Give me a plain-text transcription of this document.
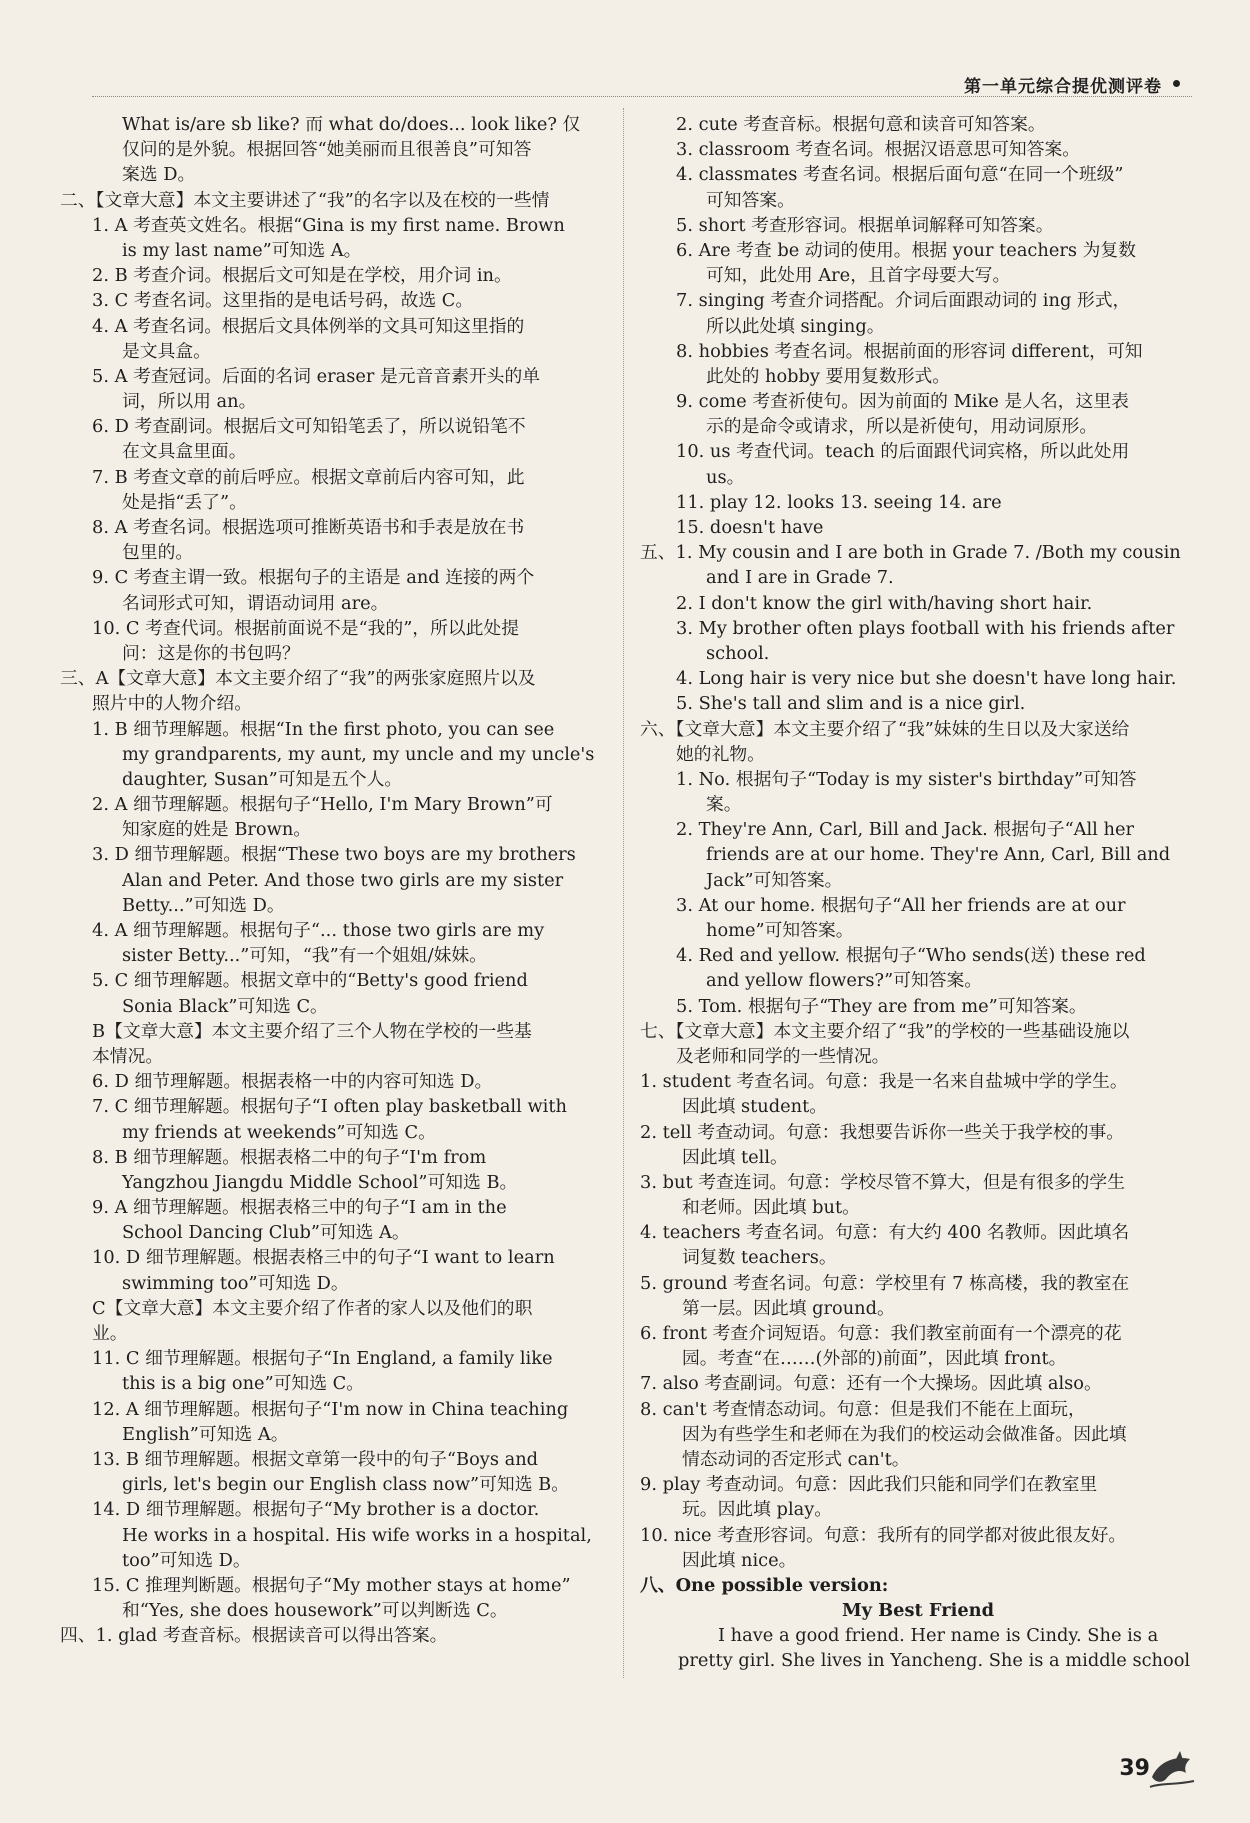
第一单元综合提优测评卷
What is/are sb like? 而 what do/does... look like? 仅
仅问的是外貌。根据回答“她美丽而且很善良”可知答
案选 D。
二、【文章大意】本文主要讲述了“我”的名字以及在校的一些情
1. A 考查英文姓名。根据“Gina is my first name. Brown
is my last name”可知选 A。
2. B 考查介词。根据后文可知是在学校，用介词 in。
3. C 考查名词。这里指的是电话号码，故选 C。
4. A 考查名词。根据后文具体例举的文具可知这里指的
是文具盒。
5. A 考查冠词。后面的名词 eraser 是元音音素开头的单
词，所以用 an。
6. D 考查副词。根据后文可知铅笔丢了，所以说铅笔不
在文具盒里面。
7. B 考查文章的前后呼应。根据文章前后内容可知，此
处是指“丢了”。
8. A 考查名词。根据选项可推断英语书和手表是放在书
包里的。
9. C 考查主谓一致。根据句子的主语是 and 连接的两个
名词形式可知，谓语动词用 are。
10. C 考查代词。根据前面说不是“我的”，所以此处提
问：这是你的书包吗？
三、A【文章大意】本文主要介绍了“我”的两张家庭照片以及
照片中的人物介绍。
1. B 细节理解题。根据“In the first photo, you can see
my grandparents, my aunt, my uncle and my uncle's
daughter, Susan”可知是五个人。
2. A 细节理解题。根据句子“Hello, I'm Mary Brown”可
知家庭的姓是 Brown。
3. D 细节理解题。根据“These two boys are my brothers
Alan and Peter. And those two girls are my sister
Betty...”可知选 D。
4. A 细节理解题。根据句子“... those two girls are my
sister Betty...”可知，“我”有一个姐姐/妹妹。
5. C 细节理解题。根据文章中的“Betty's good friend
Sonia Black”可知选 C。
B【文章大意】本文主要介绍了三个人物在学校的一些基
本情况。
6. D 细节理解题。根据表格一中的内容可知选 D。
7. C 细节理解题。根据句子“I often play basketball with
my friends at weekends”可知选 C。
8. B 细节理解题。根据表格二中的句子“I'm from
Yangzhou Jiangdu Middle School”可知选 B。
9. A 细节理解题。根据表格三中的句子“I am in the
School Dancing Club”可知选 A。
10. D 细节理解题。根据表格三中的句子“I want to learn
swimming too”可知选 D。
C【文章大意】本文主要介绍了作者的家人以及他们的职
业。
11. C 细节理解题。根据句子“In England, a family like
this is a big one”可知选 C。
12. A 细节理解题。根据句子“I'm now in China teaching
English”可知选 A。
13. B 细节理解题。根据文章第一段中的句子“Boys and
girls, let's begin our English class now”可知选 B。
14. D 细节理解题。根据句子“My brother is a doctor.
He works in a hospital. His wife works in a hospital,
too”可知选 D。
15. C 推理判断题。根据句子“My mother stays at home”
和“Yes, she does housework”可以判断选 C。
四、1. glad 考查音标。根据读音可以得出答案。
2. cute 考查音标。根据句意和读音可知答案。
3. classroom 考查名词。根据汉语意思可知答案。
4. classmates 考查名词。根据后面句意“在同一个班级”
可知答案。
5. short 考查形容词。根据单词解释可知答案。
6. Are 考查 be 动词的使用。根据 your teachers 为复数
可知，此处用 Are，且首字母要大写。
7. singing 考查介词搭配。介词后面跟动词的 ing 形式，
所以此处填 singing。
8. hobbies 考查名词。根据前面的形容词 different，可知
此处的 hobby 要用复数形式。
9. come 考查祈使句。因为前面的 Mike 是人名，这里表
示的是命令或请求，所以是祈使句，用动词原形。
10. us 考查代词。teach 的后面跟代词宾格，所以此处用
us。
11. play 12. looks 13. seeing 14. are
15. doesn't have
五、1. My cousin and I are both in Grade 7. /Both my cousin
and I are in Grade 7.
2. I don't know the girl with/having short hair.
3. My brother often plays football with his friends after
school.
4. Long hair is very nice but she doesn't have long hair.
5. She's tall and slim and is a nice girl.
六、【文章大意】本文主要介绍了“我”妹妹的生日以及大家送给
她的礼物。
1. No. 根据句子“Today is my sister's birthday”可知答
案。
2. They're Ann, Carl, Bill and Jack. 根据句子“All her
friends are at our home. They're Ann, Carl, Bill and
Jack”可知答案。
3. At our home. 根据句子“All her friends are at our
home”可知答案。
4. Red and yellow. 根据句子“Who sends(送) these red
and yellow flowers?”可知答案。
5. Tom. 根据句子“They are from me”可知答案。
七、【文章大意】本文主要介绍了“我”的学校的一些基础设施以
及老师和同学的一些情况。
1. student 考查名词。句意：我是一名来自盐城中学的学生。
因此填 student。
2. tell 考查动词。句意：我想要告诉你一些关于我学校的事。
因此填 tell。
3. but 考查连词。句意：学校尽管不算大，但是有很多的学生
和老师。因此填 but。
4. teachers 考查名词。句意：有大约 400 名教师。因此填名
词复数 teachers。
5. ground 考查名词。句意：学校里有 7 栋高楼，我的教室在
第一层。因此填 ground。
6. front 考查介词短语。句意：我们教室前面有一个漂亮的花
园。考查“在……(外部的)前面”，因此填 front。
7. also 考查副词。句意：还有一个大操场。因此填 also。
8. can't 考查情态动词。句意：但是我们不能在上面玩，
因为有些学生和老师在为我们的校运动会做准备。因此填
情态动词的否定形式 can't。
9. play 考查动词。句意：因此我们只能和同学们在教室里
玩。因此填 play。
10. nice 考查形容词。句意：我所有的同学都对彼此很友好。
因此填 nice。
八、One possible version:
My Best Friend
I have a good friend. Her name is Cindy. She is a
pretty girl. She lives in Yancheng. She is a middle school
39
